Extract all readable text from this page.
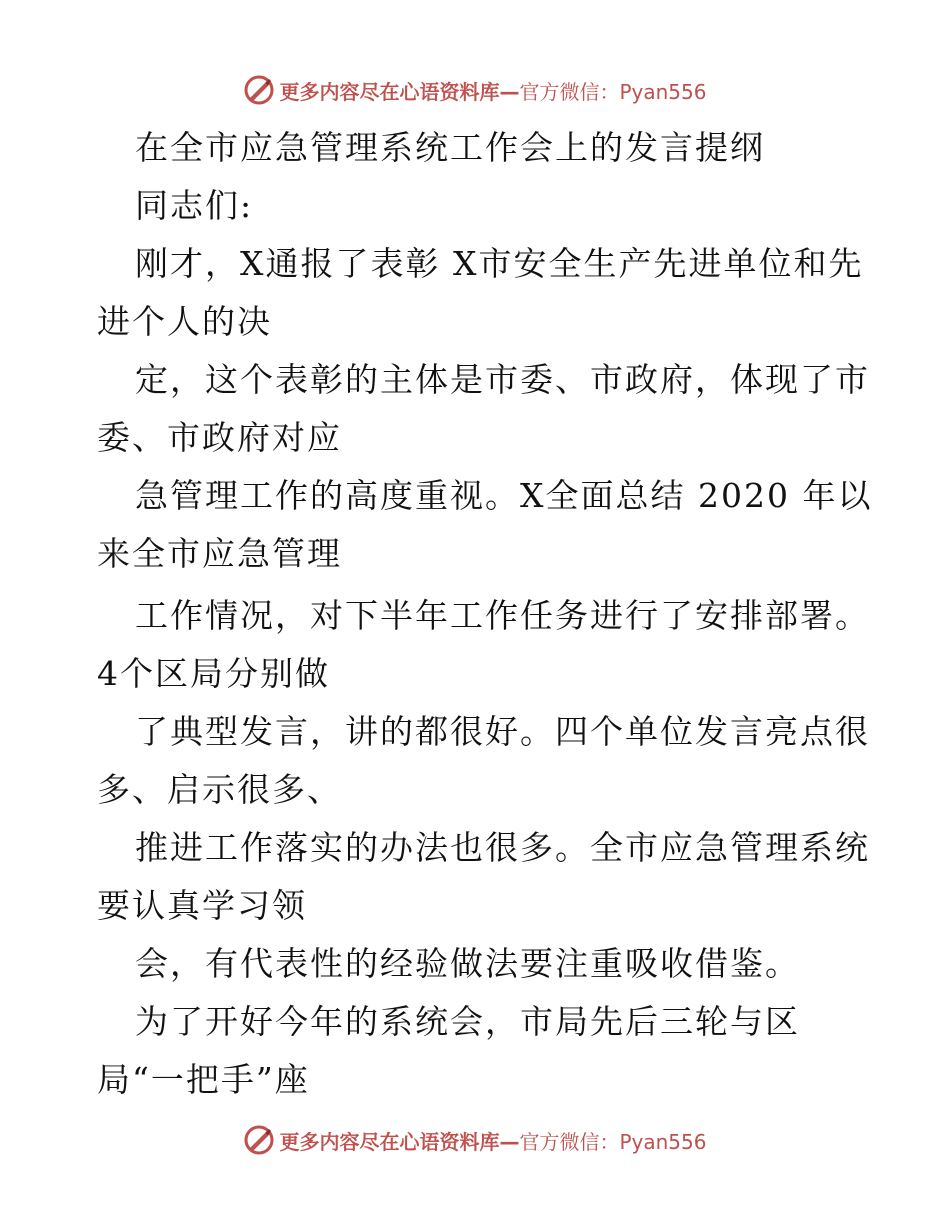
更多内容尽在心语资料库—官方微信：Pyan556
在全市应急管理系统工作会上的发言提纲
同志们:
刚才，X通报了表彰 X市安全生产先进单位和先
进个人的决
定，这个表彰的主体是市委、市政府，体现了市
委、市政府对应
急管理工作的高度重视。X全面总结 2020 年以
来全市应急管理
工作情况，对下半年工作任务进行了安排部署。
4个区局分别做
了典型发言，讲的都很好。四个单位发言亮点很
多、启示很多、
推进工作落实的办法也很多。全市应急管理系统
要认真学习领
会，有代表性的经验做法要注重吸收借鉴。
为了开好今年的系统会，市局先后三轮与区
局“一把手”座
更多内容尽在心语资料库—官方微信：Pyan556
